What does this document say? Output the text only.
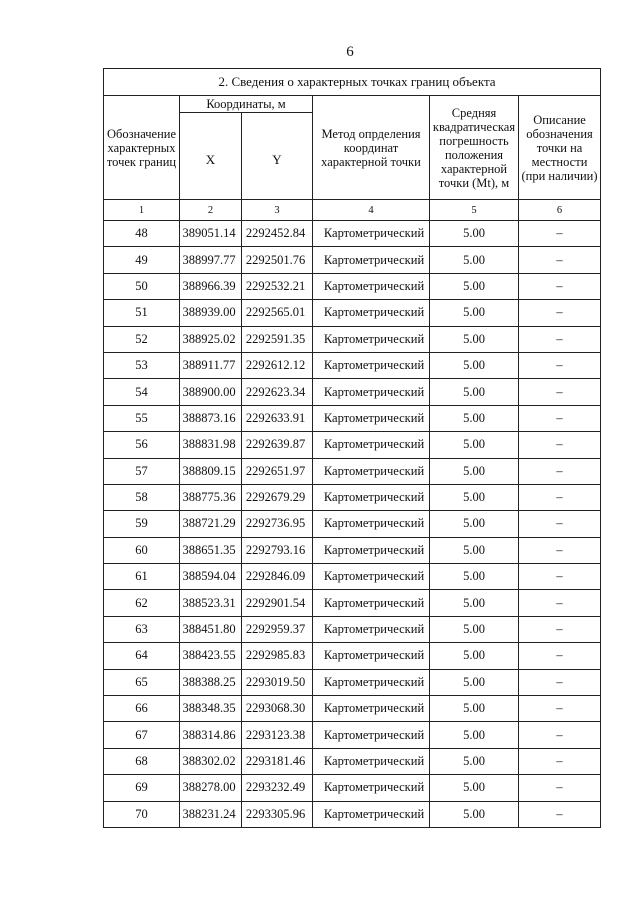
6
2. Сведения о характерных точках границ объекта					
Обозначение характерных точек границ	Координаты, м		Метод опрделения координат характерной точки	Средняя квадратическая погрешность положения характерной точки (Mt), м	Описание обозначения точки на местности (при наличии)
	X	Y			
1	2	3	4	5	6
48	389051.14	2292452.84	Картометрический	5.00	–
49	388997.77	2292501.76	Картометрический	5.00	–
50	388966.39	2292532.21	Картометрический	5.00	–
51	388939.00	2292565.01	Картометрический	5.00	–
52	388925.02	2292591.35	Картометрический	5.00	–
53	388911.77	2292612.12	Картометрический	5.00	–
54	388900.00	2292623.34	Картометрический	5.00	–
55	388873.16	2292633.91	Картометрический	5.00	–
56	388831.98	2292639.87	Картометрический	5.00	–
57	388809.15	2292651.97	Картометрический	5.00	–
58	388775.36	2292679.29	Картометрический	5.00	–
59	388721.29	2292736.95	Картометрический	5.00	–
60	388651.35	2292793.16	Картометрический	5.00	–
61	388594.04	2292846.09	Картометрический	5.00	–
62	388523.31	2292901.54	Картометрический	5.00	–
63	388451.80	2292959.37	Картометрический	5.00	–
64	388423.55	2292985.83	Картометрический	5.00	–
65	388388.25	2293019.50	Картометрический	5.00	–
66	388348.35	2293068.30	Картометрический	5.00	–
67	388314.86	2293123.38	Картометрический	5.00	–
68	388302.02	2293181.46	Картометрический	5.00	–
69	388278.00	2293232.49	Картометрический	5.00	–
70	388231.24	2293305.96	Картометрический	5.00	–
